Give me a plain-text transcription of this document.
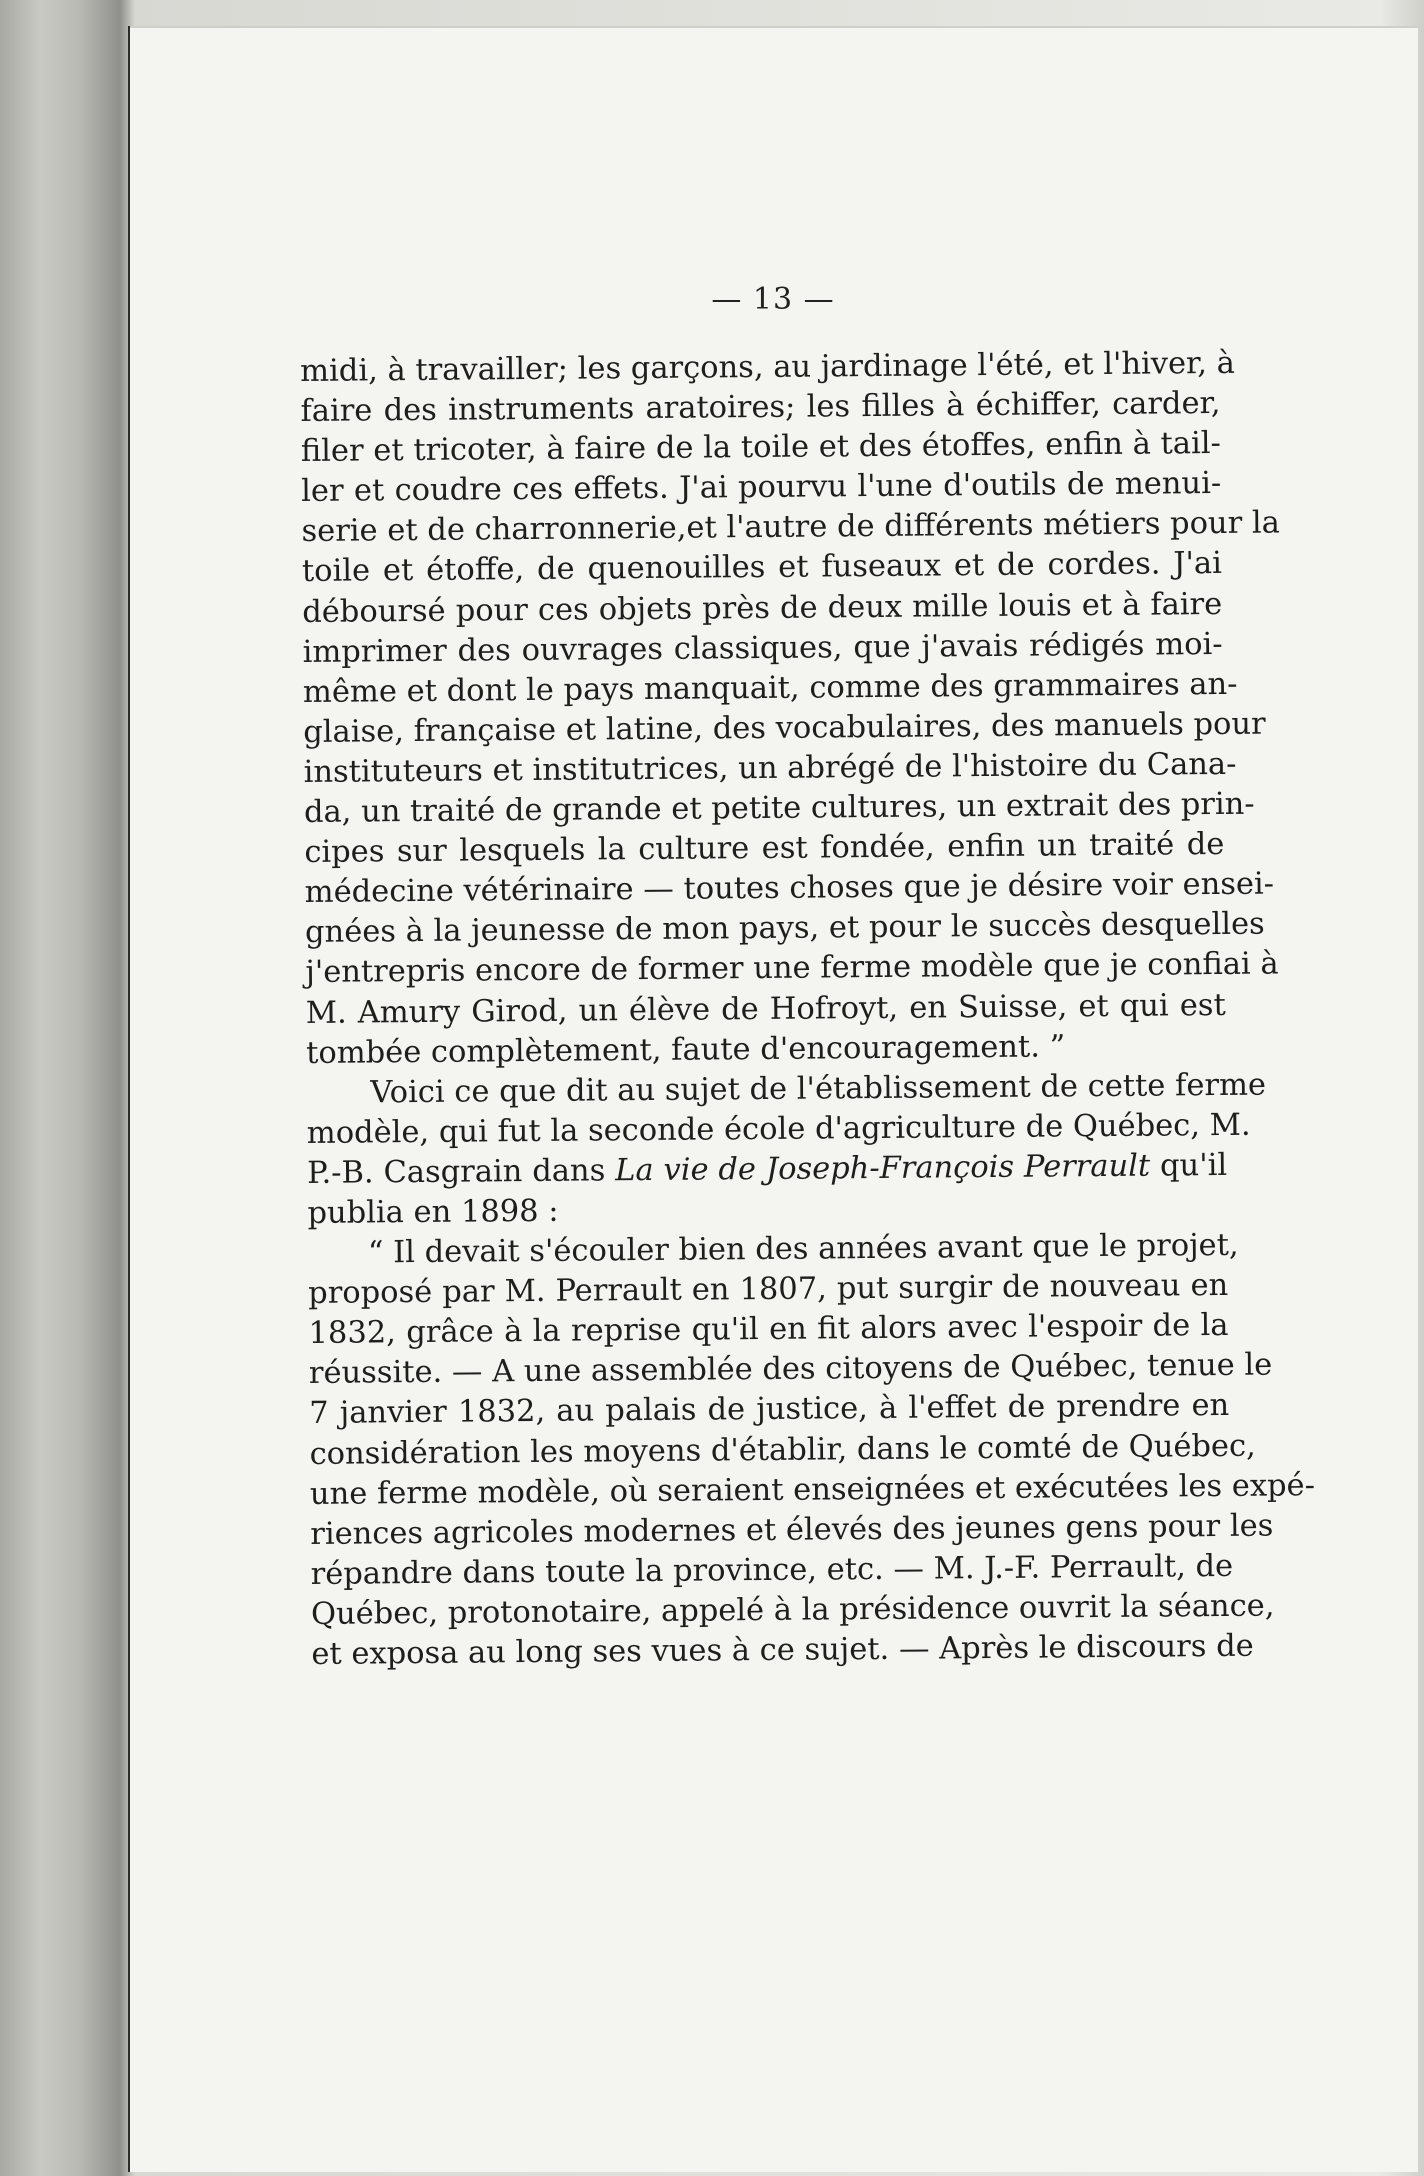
— 13 —
midi, à travailler; les garçons, au jardinage l'été, et l'hiver, à
faire des instruments aratoires; les filles à échiffer, carder,
filer et tricoter, à faire de la toile et des étoffes, enfin à tail-
ler et coudre ces effets. J'ai pourvu l'une d'outils de menui-
serie et de charronnerie,et l'autre de différents métiers pour la
toile et étoffe, de quenouilles et fuseaux et de cordes. J'ai
déboursé pour ces objets près de deux mille louis et à faire
imprimer des ouvrages classiques, que j'avais rédigés moi-
même et dont le pays manquait, comme des grammaires an-
glaise, française et latine, des vocabulaires, des manuels pour
instituteurs et institutrices, un abrégé de l'histoire du Cana-
da, un traité de grande et petite cultures, un extrait des prin-
cipes sur lesquels la culture est fondée, enfin un traité de
médecine vétérinaire — toutes choses que je désire voir ensei-
gnées à la jeunesse de mon pays, et pour le succès desquelles
j'entrepris encore de former une ferme modèle que je confiai à
M. Amury Girod, un élève de Hofroyt, en Suisse, et qui est
tombée complètement, faute d'encouragement. ”
Voici ce que dit au sujet de l'établissement de cette ferme
modèle, qui fut la seconde école d'agriculture de Québec, M.
P.-B. Casgrain dans La vie de Joseph-François Perrault qu'il
publia en 1898 :
“ Il devait s'écouler bien des années avant que le projet,
proposé par M. Perrault en 1807, put surgir de nouveau en
1832, grâce à la reprise qu'il en fit alors avec l'espoir de la
réussite. — A une assemblée des citoyens de Québec, tenue le
7 janvier 1832, au palais de justice, à l'effet de prendre en
considération les moyens d'établir, dans le comté de Québec,
une ferme modèle, où seraient enseignées et exécutées les expé-
riences agricoles modernes et élevés des jeunes gens pour les
répandre dans toute la province, etc. — M. J.-F. Perrault, de
Québec, protonotaire, appelé à la présidence ouvrit la séance,
et exposa au long ses vues à ce sujet. — Après le discours de
